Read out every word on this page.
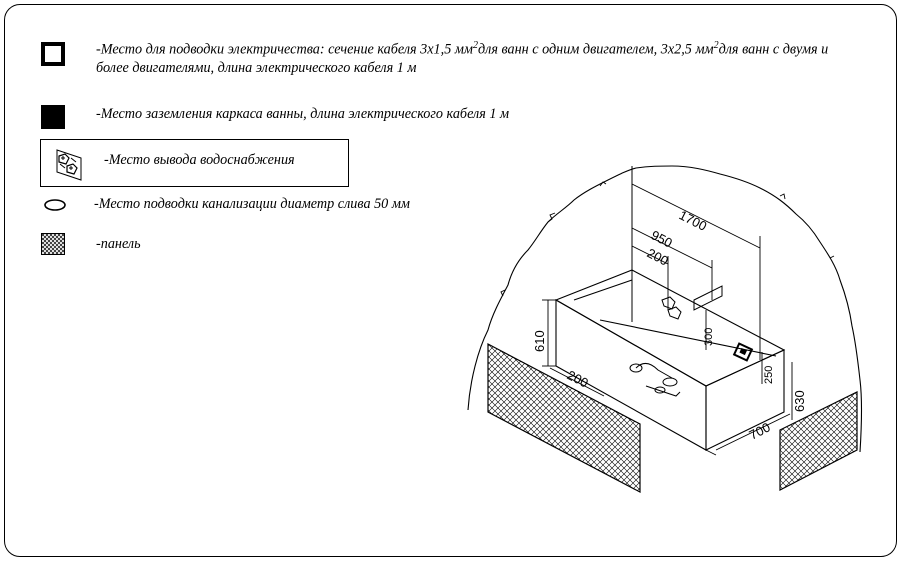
-Место для подводки электричества: сечение кабеля 3х1,5 $мм^2для$ ванн с одним двигателем, 3х2,5 $мм^2для$ ванн с двумя и
более двигателями, длина электрического кабеля 1 м
-Место заземления каркаса ванны, длина электрического кабеля 1 м
-Место вывода водоснабжения
-Место подводки канализации диаметр слива 50 мм
-панель
1700
950
200
610	300
250
200
630
700
